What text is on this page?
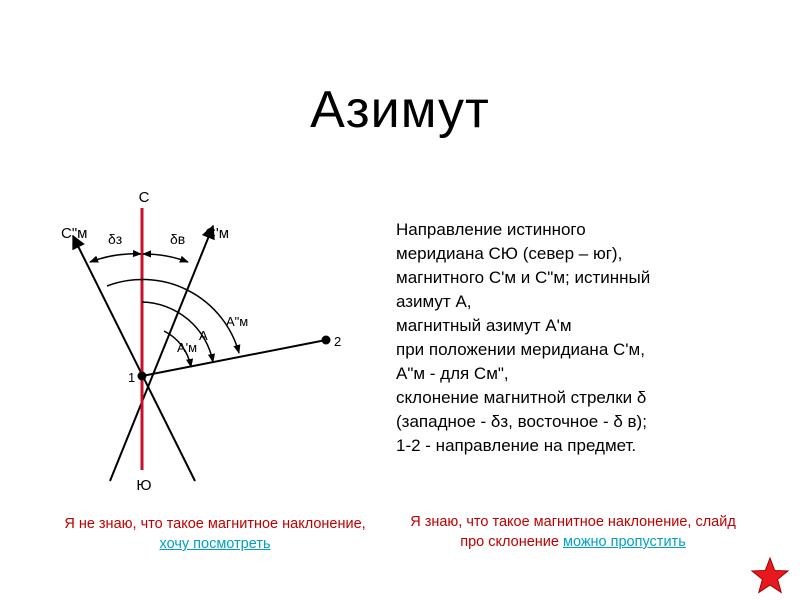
Азимут
С
Ю
С"м	С'м
δз	δв
А
А'м
А"м
1
2
Направление истинного
меридиана СЮ (север – юг),
магнитного С'м и С"м; истинный
азимут А,
магнитный азимут А'м
при положении меридиана С'м,
А"м - для См",
склонение магнитной стрелки δ
(западное - δз, восточное - δ в);
1-2 - направление на предмет.
Я не знаю, что такое магнитное наклонение,
хочу посмотреть
Я знаю, что такое магнитное наклонение, слайд про склонение можно пропустить
